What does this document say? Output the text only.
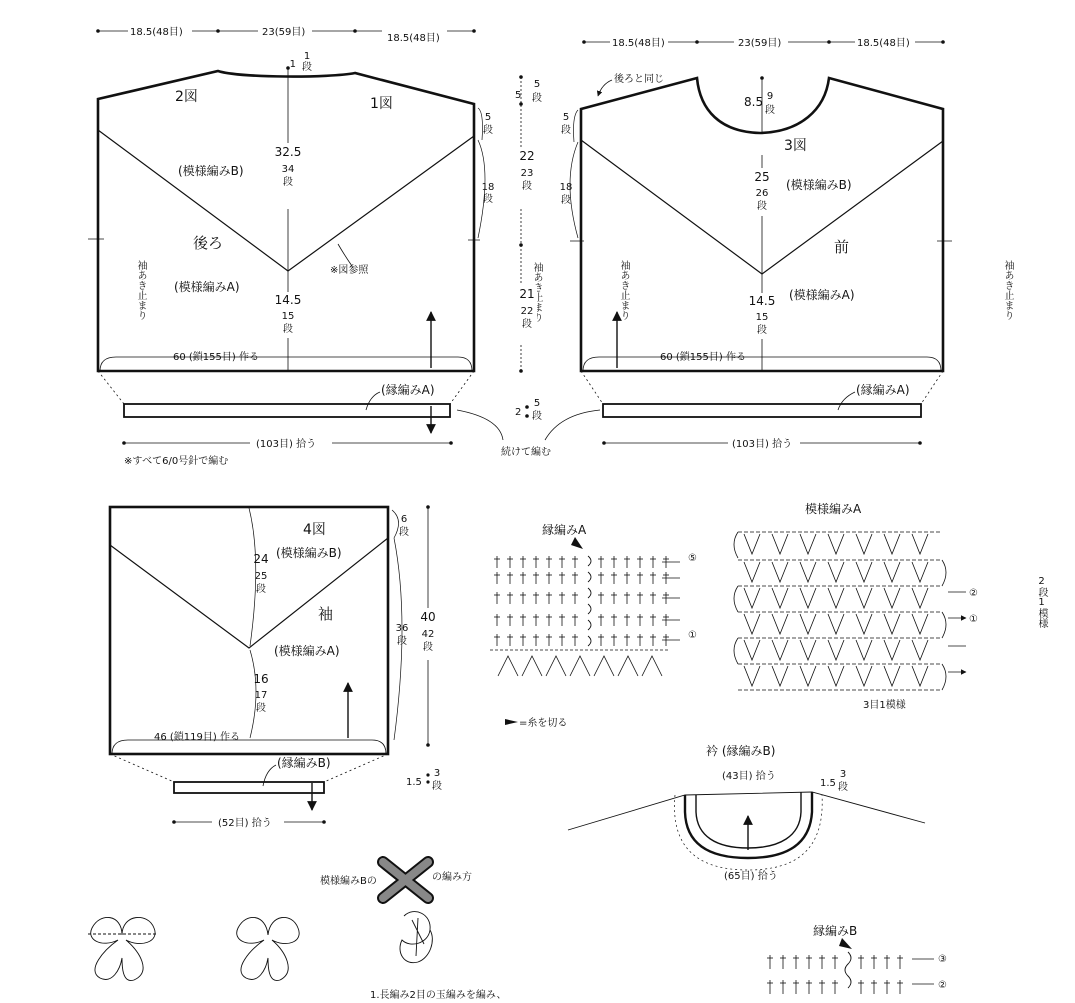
18.5(48目)	23(59目)
18.5(48目)	18.5(48目)	23(59目)	18.5(48目)
2図	1図
1
段
1
32.5
34
段
(模様編みB)
後ろ
(模様編みA)
※図参照
14.5
15
段
5
段
18
段
袖あき止まり	袖あき止まり
60 (鎖155目) 作る
(縁編みA)
(103目) 拾う
※すべて6/0号針で編む
5
5
段
22
23
段
21
22
段
2
5
段
続けて編む
後ろと同じ
8.5 9
段
3図
25
26
段
(模様編みB)
前
(模様編みA)
14.5
15
段
5
段
18
段
袖あき止まり	袖あき止まり
60 (鎖155目) 作る
(縁編みA)
(103目) 拾う
4図
(模様編みB)
袖
(模様編みA)
24
25
段
16
17
段
6
段
36
段
40
42
段
46 (鎖119目) 作る
(縁編みB)
1.5
3
段
(52目) 拾う
縁編みA
⑤
①
=糸を切る
模様編みA
②
①
2段1模様
3目1模様
衿 (縁編みB)
(43目) 拾う
1.5
3
段
(65目) 拾う
模様編みBの	の編み方
1.長編み2目の玉編みを編み、
縁編みB
③
②
